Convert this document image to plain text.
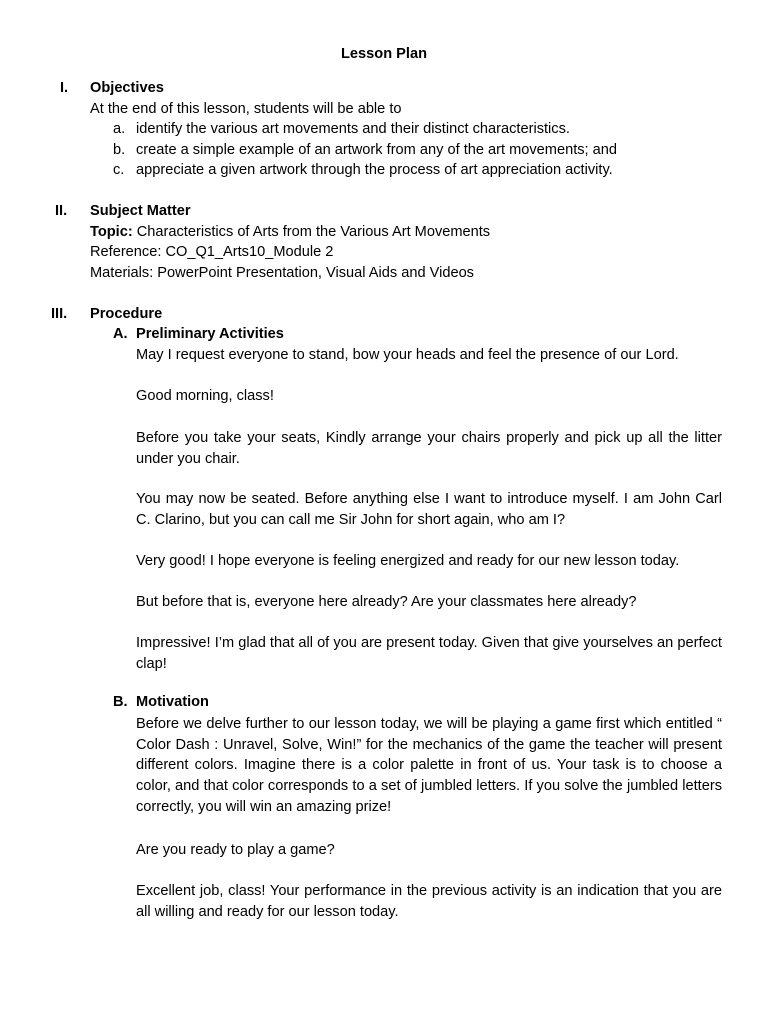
Lesson Plan
I. Objectives
At the end of this lesson, students will be able to
a. identify the various art movements and their distinct characteristics.
b. create a simple example of an artwork from any of the art movements; and
c. appreciate a given artwork through the process of art appreciation activity.
II. Subject Matter
Topic: Characteristics of Arts from the Various Art Movements
Reference: CO_Q1_Arts10_Module 2
Materials: PowerPoint Presentation, Visual Aids and Videos
III. Procedure
A. Preliminary Activities
May I request everyone to stand, bow your heads and feel the presence of our Lord.
Good morning, class!
Before you take your seats, Kindly arrange your chairs properly and pick up all the litter under you chair.
You may now be seated. Before anything else I want to introduce myself. I am John Carl C. Clarino, but you can call me Sir John for short again, who am I?
Very good! I hope everyone is feeling energized and ready for our new lesson today.
But before that is, everyone here already? Are your classmates here already?
Impressive! I’m glad that all of you are present today. Given that give yourselves an perfect clap!
B. Motivation
Before we delve further to our lesson today, we will be playing a game first which entitled “ Color Dash : Unravel, Solve, Win!” for the mechanics of the game the teacher will present different colors. Imagine there is a color palette in front of us. Your task is to choose a color, and that color corresponds to a set of jumbled letters. If you solve the jumbled letters correctly, you will win an amazing prize!
Are you ready to play a game?
Excellent job, class! Your performance in the previous activity is an indication that you are all willing and ready for our lesson today.
